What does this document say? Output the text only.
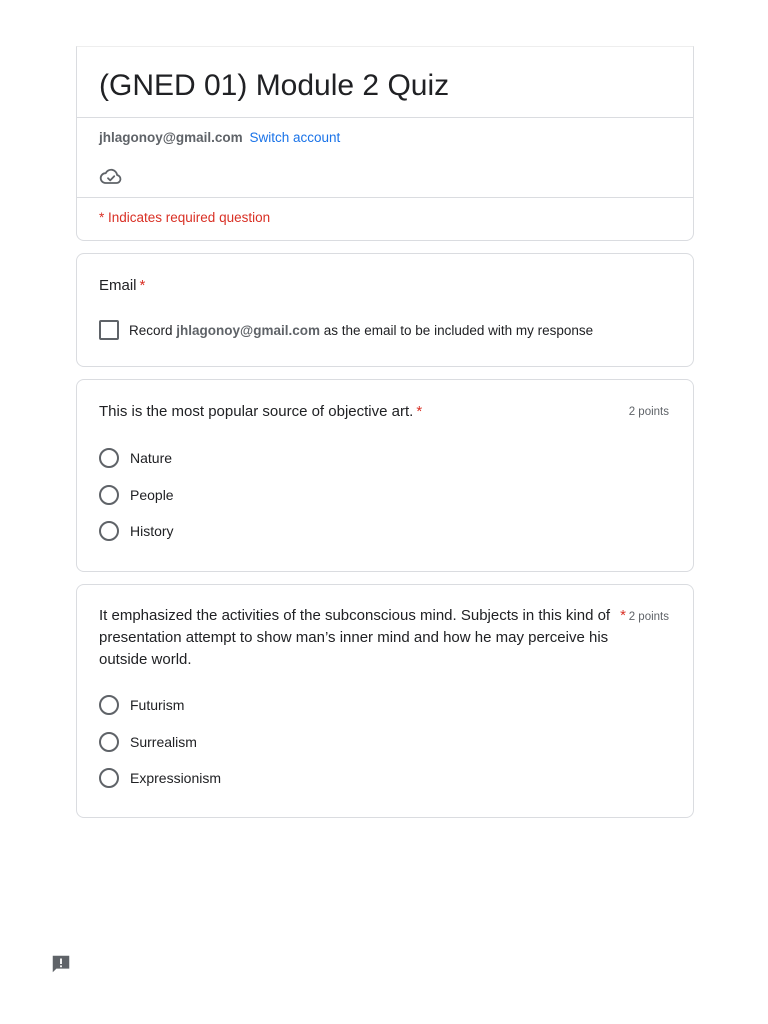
(GNED 01) Module 2 Quiz
jhlagonoy@gmail.com Switch account
* Indicates required question
Email *
Record
jhlagonoy@gmail.com
as the email to be included with my response
This is the most popular source of objective art. *	2 points
Nature
People
History
It emphasized the activities of the subconscious mind. Subjects in this kind of presentation attempt to show man’s inner mind and how he may perceive his outside world.
* 2 points
Futurism
Surrealism
Expressionism
